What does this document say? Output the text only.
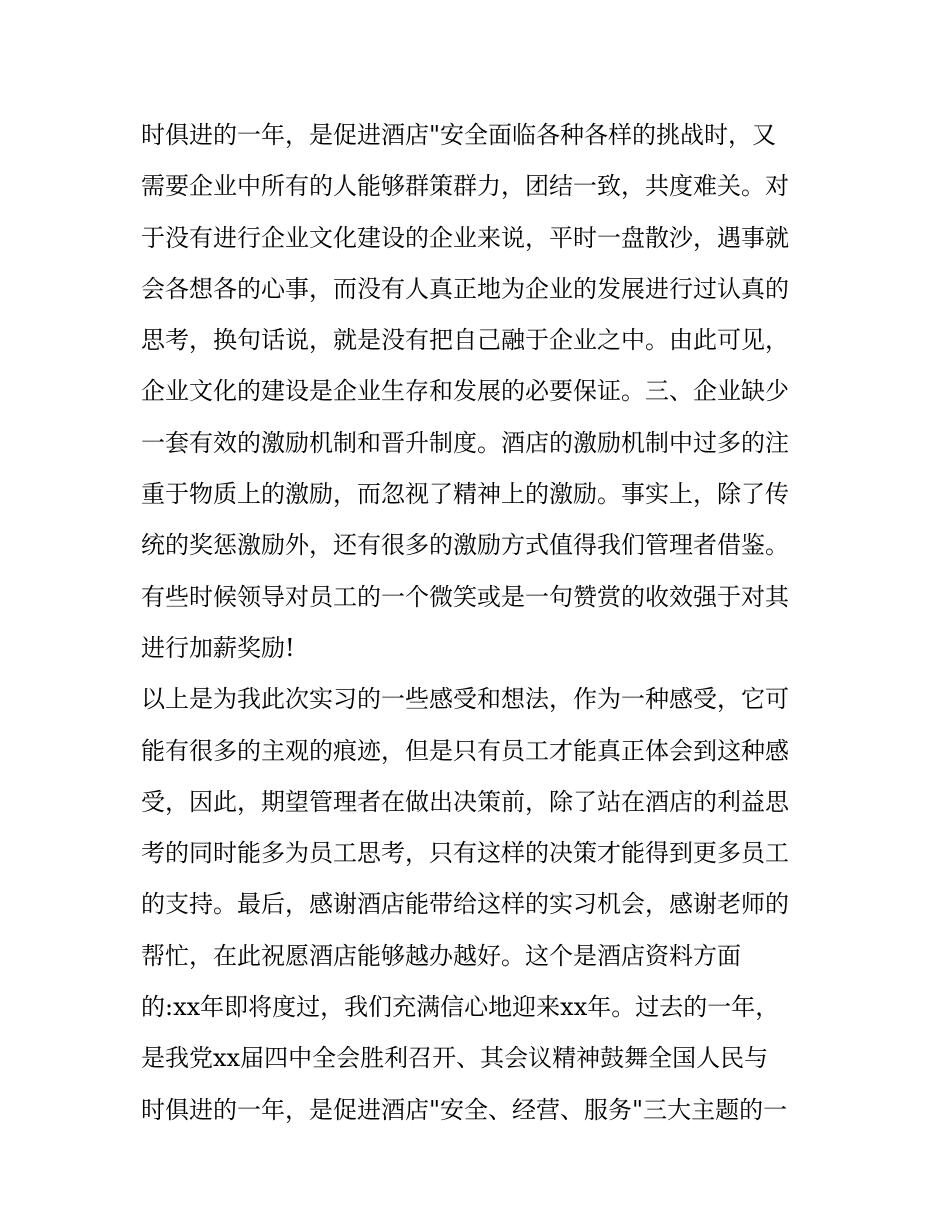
时俱进的一年，是促进酒店"安全面临各种各样的挑战时，又
需要企业中所有的人能够群策群力，团结一致，共度难关。对
于没有进行企业文化建设的企业来说，平时一盘散沙，遇事就
会各想各的心事，而没有人真正地为企业的发展进行过认真的
思考，换句话说，就是没有把自己融于企业之中。由此可见，
企业文化的建设是企业生存和发展的必要保证。三、企业缺少
一套有效的激励机制和晋升制度。酒店的激励机制中过多的注
重于物质上的激励，而忽视了精神上的激励。事实上，除了传
统的奖惩激励外，还有很多的激励方式值得我们管理者借鉴。
有些时候领导对员工的一个微笑或是一句赞赏的收效强于对其
进行加薪奖励!
以上是为我此次实习的一些感受和想法，作为一种感受，它可
能有很多的主观的痕迹，但是只有员工才能真正体会到这种感
受，因此，期望管理者在做出决策前，除了站在酒店的利益思
考的同时能多为员工思考，只有这样的决策才能得到更多员工
的支持。最后，感谢酒店能带给这样的实习机会，感谢老师的
帮忙，在此祝愿酒店能够越办越好。这个是酒店资料方面
的:xx年即将度过，我们充满信心地迎来xx年。过去的一年，
是我党xx届四中全会胜利召开、其会议精神鼓舞全国人民与
时俱进的一年，是促进酒店"安全、经营、服务"三大主题的一
